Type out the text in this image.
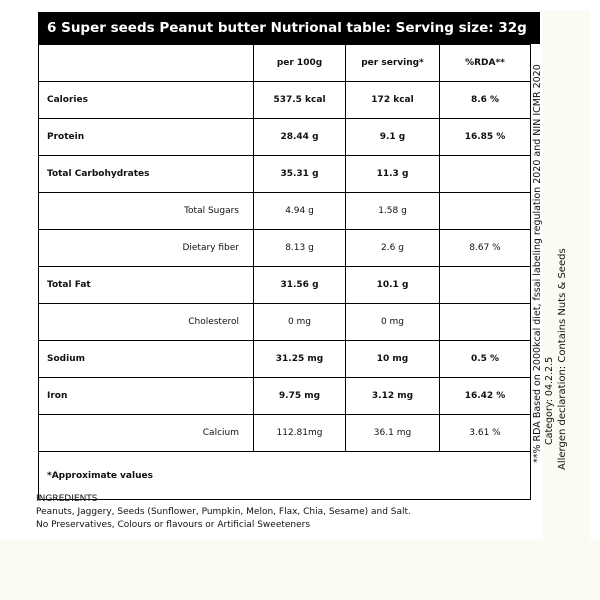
6 Super seeds Peanut butter Nutrional table: Serving size: 32g
	per 100g	per serving*	%RDA**
Calories	537.5 kcal	172 kcal	8.6 %
Protein	28.44 g	9.1 g	16.85 %
Total Carbohydrates	35.31 g	11.3 g	
Total Sugars	4.94 g	1.58 g	
Dietary fiber	8.13 g	2.6 g	8.67 %
Total Fat	31.56 g	10.1 g	
Cholesterol	0 mg	0 mg	
Sodium	31.25 mg	10 mg	0.5 %
Iron	9.75 mg	3.12 mg	16.42 %
Calcium	112.81mg	36.1 mg	3.61 %
*Approximate values			
INGREDIENTS
Peanuts, Jaggery, Seeds (Sunflower, Pumpkin, Melon, Flax, Chia, Sesame) and Salt.
No Preservatives, Colours or flavours or Artificial Sweeteners
**% RDA Based on 2000kcal diet, fssai labeling regulation 2020 and NIN ICMR 2020 Category: 04.2.2.5 Allergen declaration: Contains Nuts & Seeds
